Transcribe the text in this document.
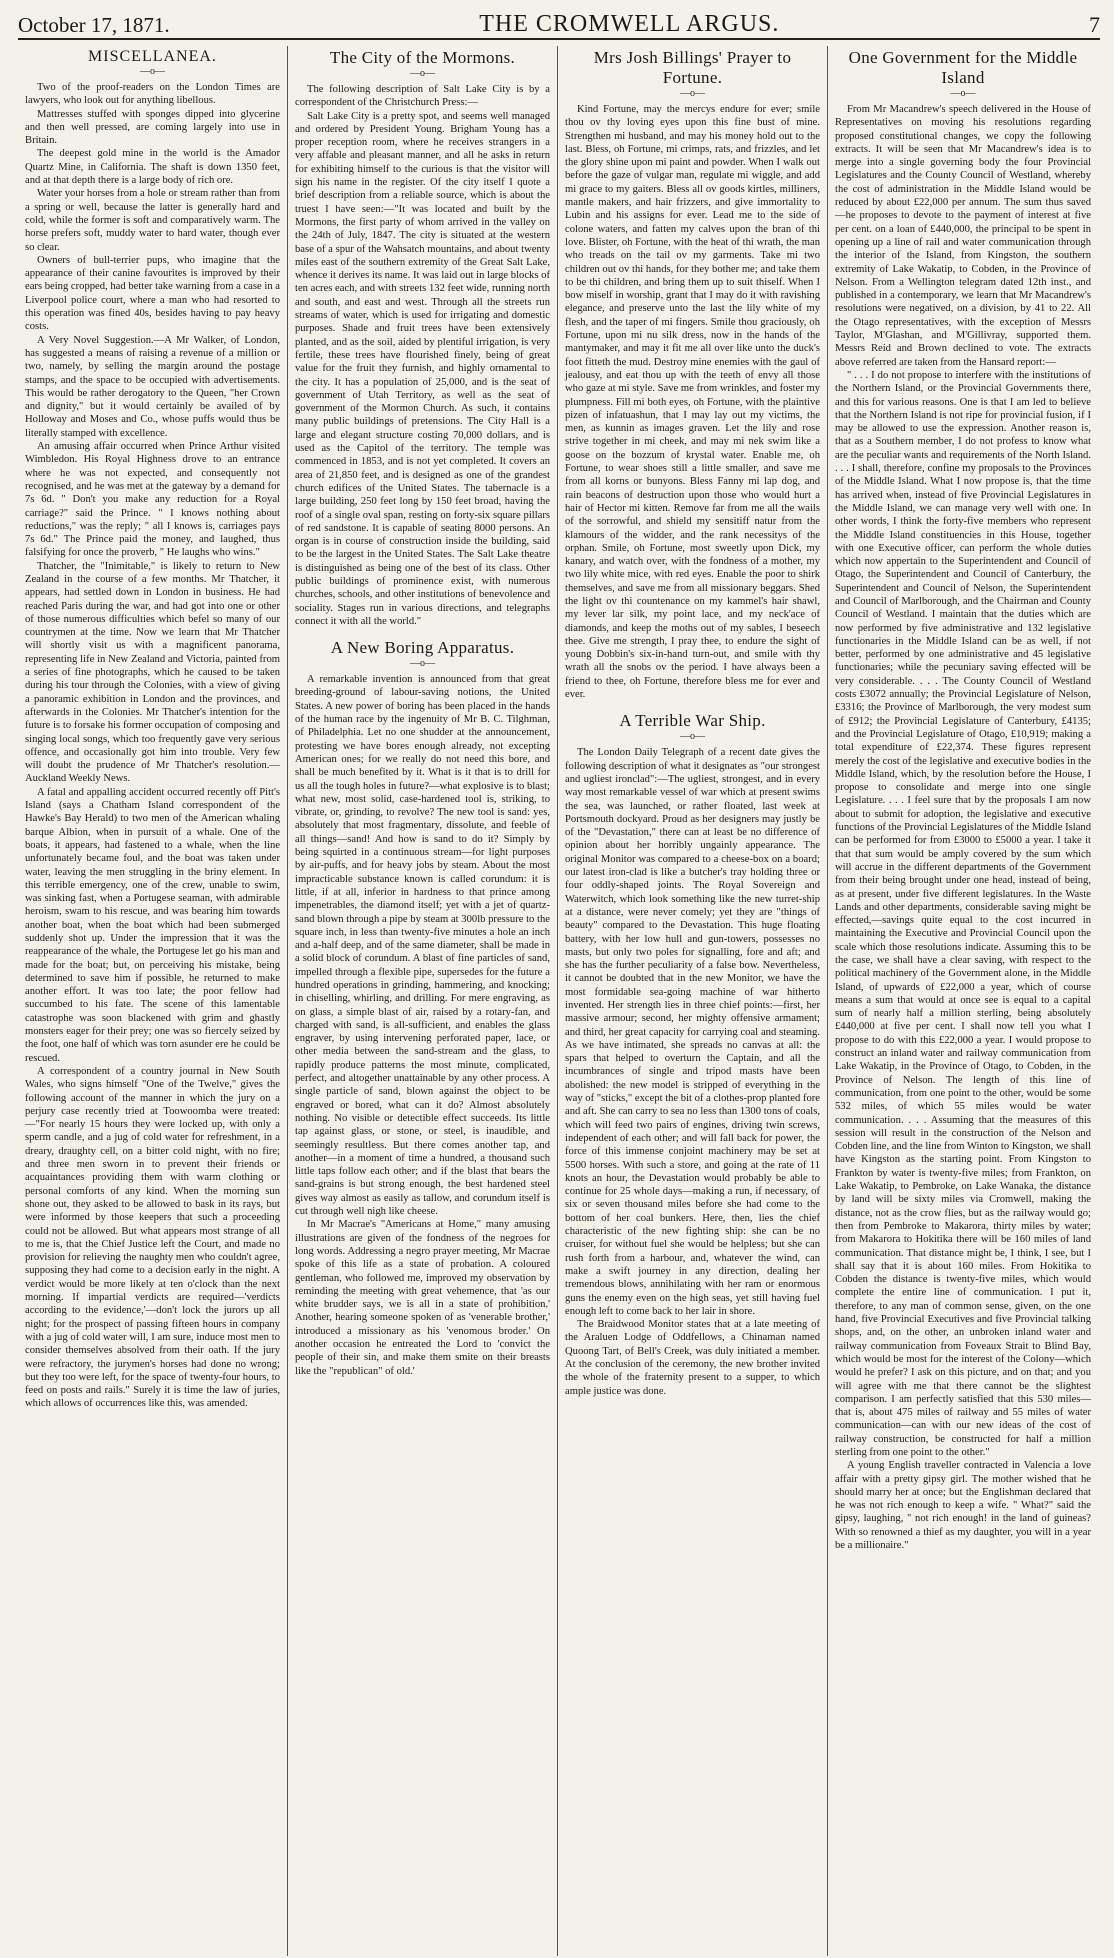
October 17, 1871.	THE CROMWELL ARGUS.	7
MISCELLANEA.
—o—

Two of the proof-readers on the London Times are lawyers, who look out for anything libellous.

Mattresses stuffed with sponges dipped into glycerine and then well pressed, are coming largely into use in Britain.

The deepest gold mine in the world is the Amador Quartz Mine, in California. The shaft is down 1350 feet, and at that depth there is a large body of rich ore.

Water your horses from a hole or stream rather than from a spring or well, because the latter is generally hard and cold, while the former is soft and comparatively warm. The horse prefers soft, muddy water to hard water, though ever so clear.

Owners of bull-terrier pups, who imagine that the appearance of their canine favourites is improved by their ears being cropped, had better take warning from a case in a Liverpool police court, where a man who had resorted to this operation was fined 40s, besides having to pay heavy costs.

A Very Novel Suggestion.—A Mr Walker, of London, has suggested a means of raising a revenue of a million or two, namely, by selling the margin around the postage stamps, and the space to be occupied with advertisements. This would be rather derogatory to the Queen, "her Crown and dignity," but it would certainly be availed of by Holloway and Moses and Co., whose puffs would thus be literally stamped with excellence.

An amusing affair occurred when Prince Arthur visited Wimbledon. His Royal Highness drove to an entrance where he was not expected, and consequently not recognised, and he was met at the gateway by a demand for 7s 6d. " Don't you make any reduction for a Royal carriage?" said the Prince. " I knows nothing about reductions," was the reply; " all I knows is, carriages pays 7s 6d." The Prince paid the money, and laughed, thus falsifying for once the proverb, " He laughs who wins."

Thatcher, the "Inimitable," is likely to return to New Zealand in the course of a few months. Mr Thatcher, it appears, had settled down in London in business. He had reached Paris during the war, and had got into one or other of those numerous difficulties which befel so many of our countrymen at the time. Now we learn that Mr Thatcher will shortly visit us with a magnificent panorama, representing life in New Zealand and Victoria, painted from a series of fine photographs, which he caused to be taken during his tour through the Colonies, with a view of giving a panoramic exhibition in London and the provinces, and afterwards in the Colonies. Mr Thatcher's intention for the future is to forsake his former occupation of composing and singing local songs, which too frequently gave very serious offence, and occasionally got him into trouble. Very few will doubt the prudence of Mr Thatcher's resolution.—Auckland Weekly News.

A fatal and appalling accident occurred recently off Pitt's Island (says a Chatham Island correspondent of the Hawke's Bay Herald) to two men of the American whaling barque Albion, when in pursuit of a whale. One of the boats, it appears, had fastened to a whale, when the line unfortunately became foul, and the boat was taken under water, leaving the men struggling in the briny element. In this terrible emergency, one of the crew, unable to swim, was sinking fast, when a Portugese seaman, with admirable heroism, swam to his rescue, and was bearing him towards another boat, when the boat which had been submerged suddenly shot up. Under the impression that it was the reappearance of the whale, the Portugese let go his man and made for the boat; but, on perceiving his mistake, being determined to save him if possible, he returned to make another effort. It was too late; the poor fellow had succumbed to his fate. The scene of this lamentable catastrophe was soon blackened with grim and ghastly monsters eager for their prey; one was so fiercely seized by the foot, one half of which was torn asunder ere he could be rescued.

A correspondent of a country journal in New South Wales, who signs himself "One of the Twelve," gives the following account of the manner in which the jury on a perjury case recently tried at Toowoomba were treated:—"For nearly 15 hours they were locked up, with only a sperm candle, and a jug of cold water for refreshment, in a dreary, draughty cell, on a bitter cold night, with no fire; and three men sworn in to prevent their friends or acquaintances providing them with warm clothing or personal comforts of any kind. When the morning sun shone out, they asked to be allowed to bask in its rays, but were informed by those keepers that such a proceeding could not be allowed. But what appears most strange of all to me is, that the Chief Justice left the Court, and made no provision for relieving the naughty men who couldn't agree, supposing they had come to a decision early in the night. A verdict would be more likely at ten o'clock than the next morning. If impartial verdicts are required—'verdicts according to the evidence,'—don't lock the jurors up all night; for the prospect of passing fifteen hours in company with a jug of cold water will, I am sure, induce most men to consider themselves absolved from their oath. If the jury were refractory, the jurymen's horses had done no wrong; but they too were left, for the space of twenty-four hours, to feed on posts and rails." Surely it is time the law of juries, which allows of occurrences like this, was amended.

The City of the Mormons.
—o—

The following description of Salt Lake City is by a correspondent of the Christchurch Press:—

Salt Lake City is a pretty spot, and seems well managed and ordered by President Young. Brigham Young has a proper reception room, where he receives strangers in a very affable and pleasant manner, and all he asks in return for exhibiting himself to the curious is that the visitor will sign his name in the register. Of the city itself I quote a brief description from a reliable source, which is about the truest I have seen:—"It was located and built by the Mormons, the first party of whom arrived in the valley on the 24th of July, 1847. The city is situated at the western base of a spur of the Wahsatch mountains, and about twenty miles east of the southern extremity of the Great Salt Lake, whence it derives its name. It was laid out in large blocks of ten acres each, and with streets 132 feet wide, running north and south, and east and west. Through all the streets run streams of water, which is used for irrigating and domestic purposes. Shade and fruit trees have been extensively planted, and as the soil, aided by plentiful irrigation, is very fertile, these trees have flourished finely, being of great value for the fruit they furnish, and highly ornamental to the city. It has a population of 25,000, and is the seat of government of Utah Territory, as well as the seat of government of the Mormon Church. As such, it contains many public buildings of pretensions. The City Hall is a large and elegant structure costing 70,000 dollars, and is used as the Capitol of the territory. The temple was commenced in 1853, and is not yet completed. It covers an area of 21,850 feet, and is designed as one of the grandest church edifices of the United States. The tabernacle is a large building, 250 feet long by 150 feet broad, having the roof of a single oval span, resting on forty-six square pillars of red sandstone. It is capable of seating 8000 persons. An organ is in course of construction inside the building, said to be the largest in the United States. The Salt Lake theatre is distinguished as being one of the best of its class. Other public buildings of prominence exist, with numerous churches, schools, and other institutions of benevolence and sociality. Stages run in various directions, and telegraphs connect it with all the world."

A New Boring Apparatus.
—o—

A remarkable invention is announced from that great breeding-ground of labour-saving notions, the United States. A new power of boring has been placed in the hands of the human race by the ingenuity of Mr B. C. Tilghman, of Philadelphia. Let no one shudder at the announcement, protesting we have bores enough already, not excepting American ones; for we really do not need this bore, and shall be much benefited by it. What is it that is to drill for us all the tough holes in future?—what explosive is to blast; what new, most solid, case-hardened tool is, striking, to vibrate, or, grinding, to revolve? The new tool is sand: yes, absolutely that most fragmentary, dissolute, and feeble of all things—sand! And how is sand to do it? Simply by being squirted in a continuous stream—for light purposes by air-puffs, and for heavy jobs by steam. About the most impracticable substance known is called corundum: it is little, if at all, inferior in hardness to that prince among impenetrables, the diamond itself; yet with a jet of quartz-sand blown through a pipe by steam at 300lb pressure to the square inch, in less than twenty-five minutes a hole an inch and a-half deep, and of the same diameter, shall be made in a solid block of corundum. A blast of fine particles of sand, impelled through a flexible pipe, supersedes for the future a hundred operations in grinding, hammering, and knocking; in chiselling, whirling, and drilling. For mere engraving, as on glass, a simple blast of air, raised by a rotary-fan, and charged with sand, is all-sufficient, and enables the glass engraver, by using intervening perforated paper, lace, or other media between the sand-stream and the glass, to rapidly produce patterns the most minute, complicated, perfect, and altogether unattainable by any other process. A single particle of sand, blown against the object to be engraved or bored, what can it do? Almost absolutely nothing. No visible or detectible effect succeeds. Its little tap against glass, or stone, or steel, is inaudible, and seemingly resultless. But there comes another tap, and another—in a moment of time a hundred, a thousand such little taps follow each other; and if the blast that bears the sand-grains is but strong enough, the best hardened steel gives way almost as easily as tallow, and corundum itself is cut through well nigh like cheese.

In Mr Macrae's "Americans at Home," many amusing illustrations are given of the fondness of the negroes for long words. Addressing a negro prayer meeting, Mr Macrae spoke of this life as a state of probation. A coloured gentleman, who followed me, improved my observation by reminding the meeting with great vehemence, that 'as our white brudder says, we is all in a state of prohibition.' Another, hearing someone spoken of as 'venerable brother,' introduced a missionary as his 'venomous broder.' On another occasion he entreated the Lord to 'convict the people of their sin, and make them smite on their breasts like the "republican" of old.'

Mrs Josh Billings' Prayer to Fortune.
—o—

Kind Fortune, may the mercys endure for ever; smile thou ov thy loving eyes upon this fine bust of mine. Strengthen mi husband, and may his money hold out to the last. Bless, oh Fortune, mi crimps, rats, and frizzles, and let the glory shine upon mi paint and powder. When I walk out before the gaze of vulgar man, regulate mi wiggle, and add mi grace to my gaiters. Bless all ov goods kirtles, milliners, mantle makers, and hair frizzers, and give immortality to Lubin and his assigns for ever. Lead me to the side of colone waters, and fatten my calves upon the bran of thi love. Blister, oh Fortune, with the heat of thi wrath, the man who treads on the tail ov my garments. Take mi two children out ov thi hands, for they bother me; and take them to be thi children, and bring them up to suit thiself. When I bow miself in worship, grant that I may do it with ravishing elegance, and preserve unto the last the lily white of my flesh, and the taper of mi fingers. Smile thou graciously, oh Fortune, upon mi nu silk dress, now in the hands of the mantymaker, and may it fit me all over like unto the duck's foot fitteth the mud. Destroy mine enemies with the gaul of jealousy, and eat thou up with the teeth of envy all those who gaze at mi style. Save me from wrinkles, and foster my plumpness. Fill mi both eyes, oh Fortune, with the plaintive pizen of infatuashun, that I may lay out my victims, the men, as kunnin as images graven. Let the lily and rose strive together in mi cheek, and may mi nek swim like a goose on the bozzum of krystal water. Enable me, oh Fortune, to wear shoes still a little smaller, and save me from all korns or bunyons. Bless Fanny mi lap dog, and rain beacons of destruction upon those who would hurt a hair of Hector mi kitten. Remove far from me all the wails of the sorrowful, and shield my sensitiff natur from the klamours of the widder, and the rank necessitys of the orphan. Smile, oh Fortune, most sweetly upon Dick, my kanary, and watch over, with the fondness of a mother, my two lily white mice, with red eyes. Enable the poor to shirk themselves, and save me from all missionary beggars. Shed the light ov thi countenance on my kammel's hair shawl, my lever lar silk, my point lace, and my neck'ace of diamonds, and keep the moths out of my sables, I beseech thee. Give me strength, I pray thee, to endure the sight of young Dobbin's six-in-hand turn-out, and smile with thy wrath all the snobs ov the period. I have always been a friend to thee, oh Fortune, therefore bless me for ever and ever.

A Terrible War Ship.
—o—

The London Daily Telegraph of a recent date gives the following description of what it designates as "our strongest and ugliest ironclad":—The ugliest, strongest, and in every way most remarkable vessel of war which at present swims the sea, was launched, or rather floated, last week at Portsmouth dockyard. Proud as her designers may justly be of the "Devastation," there can at least be no difference of opinion about her horribly ungainly appearance. The original Monitor was compared to a cheese-box on a board; our latest iron-clad is like a butcher's tray holding three or four oddly-shaped joints. The Royal Sovereign and Waterwitch, which look something like the new turret-ship at a distance, were never comely; yet they are "things of beauty" compared to the Devastation. This huge floating battery, with her low hull and gun-towers, possesses no masts, but only two poles for signalling, fore and aft; and she has the further peculiarity of a false bow. Nevertheless, it cannot be doubted that in the new Monitor, we have the most formidable sea-going machine of war hitherto invented. Her strength lies in three chief points:—first, her massive armour; second, her mighty offensive armament; and third, her great capacity for carrying coal and steaming. As we have intimated, she spreads no canvas at all: the spars that helped to overturn the Captain, and all the incumbrances of single and tripod masts have been abolished: the new model is stripped of everything in the way of "sticks," except the bit of a clothes-prop planted fore and aft. She can carry to sea no less than 1300 tons of coals, which will feed two pairs of engines, driving twin screws, independent of each other; and will fall back for power, the force of this immense conjoint machinery may be set at 5500 horses. With such a store, and going at the rate of 11 knots an hour, the Devastation would probably be able to continue for 25 whole days—making a run, if necessary, of six or seven thousand miles before she had come to the bottom of her coal bunkers. Here, then, lies the chief characteristic of the new fighting ship: she can be no cruiser, for without fuel she would be helpless; but she can rush forth from a harbour, and, whatever the wind, can make a swift journey in any direction, dealing her tremendous blows, annihilating with her ram or enormous guns the enemy even on the high seas, yet still having fuel enough left to come back to her lair in shore.

The Braidwood Monitor states that at a late meeting of the Araluen Lodge of Oddfellows, a Chinaman named Quoong Tart, of Bell's Creek, was duly initiated a member. At the conclusion of the ceremony, the new brother invited the whole of the fraternity present to a supper, to which ample justice was done.

One Government for the Middle Island
—o—

From Mr Macandrew's speech delivered in the House of Representatives on moving his resolutions regarding proposed constitutional changes, we copy the following extracts. It will be seen that Mr Macandrew's idea is to merge into a single governing body the four Provincial Legislatures and the County Council of Westland, whereby the cost of administration in the Middle Island would be reduced by about £22,000 per annum. The sum thus saved—he proposes to devote to the payment of interest at five per cent. on a loan of £440,000, the principal to be spent in opening up a line of rail and water communication through the interior of the Island, from Kingston, the southern extremity of Lake Wakatip, to Cobden, in the Province of Nelson. From a Wellington telegram dated 12th inst., and published in a contemporary, we learn that Mr Macandrew's resolutions were negatived, on a division, by 41 to 22. All the Otago representatives, with the exception of Messrs Taylor, M'Glashan, and M'Gillivray, supported them. Messrs Reid and Brown declined to vote. The extracts above referred are taken from the Hansard report:—

" . . . I do not propose to interfere with the institutions of the Northern Island, or the Provincial Governments there, and this for various reasons. One is that I am led to believe that the Northern Island is not ripe for provincial fusion, if I may be allowed to use the expression. Another reason is, that as a Southern member, I do not profess to know what are the peculiar wants and requirements of the North Island. . . . I shall, therefore, confine my proposals to the Provinces of the Middle Island. What I now propose is, that the time has arrived when, instead of five Provincial Legislatures in the Middle Island, we can manage very well with one. In other words, I think the forty-five members who represent the Middle Island constituencies in this House, together with one Executive officer, can perform the whole duties which now appertain to the Superintendent and Council of Otago, the Superintendent and Council of Canterbury, the Superintendent and Council of Nelson, the Superintendent and Council of Marlborough, and the Chairman and County Council of Westland. I maintain that the duties which are now performed by five administrative and 132 legislative functionaries in the Middle Island can be as well, if not better, performed by one administrative and 45 legislative functionaries; while the pecuniary saving effected will be very considerable. . . . The County Council of Westland costs £3072 annually; the Provincial Legislature of Nelson, £3316; the Province of Marlborough, the very modest sum of £912; the Provincial Legislature of Canterbury, £4135; and the Provincial Legislature of Otago, £10,919; making a total expenditure of £22,374. These figures represent merely the cost of the legislative and executive bodies in the Middle Island, which, by the resolution before the House, I propose to consolidate and merge into one single Legislature. . . . I feel sure that by the proposals I am now about to submit for adoption, the legislative and executive functions of the Provincial Legislatures of the Middle Island can be performed for from £3000 to £5000 a year. I take it that that sum would be amply covered by the sum which will accrue in the different departments of the Government from their being brought under one head, instead of being, as at present, under five different legislatures. In the Waste Lands and other departments, considerable saving might be effected,—savings quite equal to the cost incurred in maintaining the Executive and Provincial Council upon the scale which those resolutions indicate. Assuming this to be the case, we shall have a clear saving, with respect to the political machinery of the Government alone, in the Middle Island, of upwards of £22,000 a year, which of course means a sum that would at once see is equal to a capital sum of nearly half a million sterling, being absolutely £440,000 at five per cent. I shall now tell you what I propose to do with this £22,000 a year. I would propose to construct an inland water and railway communication from Lake Wakatip, in the Province of Otago, to Cobden, in the Province of Nelson. The length of this line of communication, from one point to the other, would be some 532 miles, of which 55 miles would be water communication. . . . Assuming that the measures of this session will result in the construction of the Nelson and Cobden line, and the line from Winton to Kingston, we shall have Kingston as the starting point. From Kingston to Frankton by water is twenty-five miles; from Frankton, on Lake Wakatip, to Pembroke, on Lake Wanaka, the distance by land will be sixty miles via Cromwell, making the distance, not as the crow flies, but as the railway would go; then from Pembroke to Makarora, thirty miles by water; from Makarora to Hokitika there will be 160 miles of land communication. That distance might be, I think, I see, but I shall say that it is about 160 miles. From Hokitika to Cobden the distance is twenty-five miles, which would complete the entire line of communication. I put it, therefore, to any man of common sense, given, on the one hand, five Provincial Executives and five Provincial talking shops, and, on the other, an unbroken inland water and railway communication from Foveaux Strait to Blind Bay, which would be most for the interest of the Colony—which would he prefer? I ask on this picture, and on that; and you will agree with me that there cannot be the slightest comparison. I am perfectly satisfied that this 530 miles—that is, about 475 miles of railway and 55 miles of water communication—can with our new ideas of the cost of railway construction, be constructed for half a million sterling from one point to the other."

A young English traveller contracted in Valencia a love affair with a pretty gipsy girl. The mother wished that he should marry her at once; but the Englishman declared that he was not rich enough to keep a wife. " What?" said the gipsy, laughing, " not rich enough! in the land of guineas? With so renowned a thief as my daughter, you will in a year be a millionaire."
